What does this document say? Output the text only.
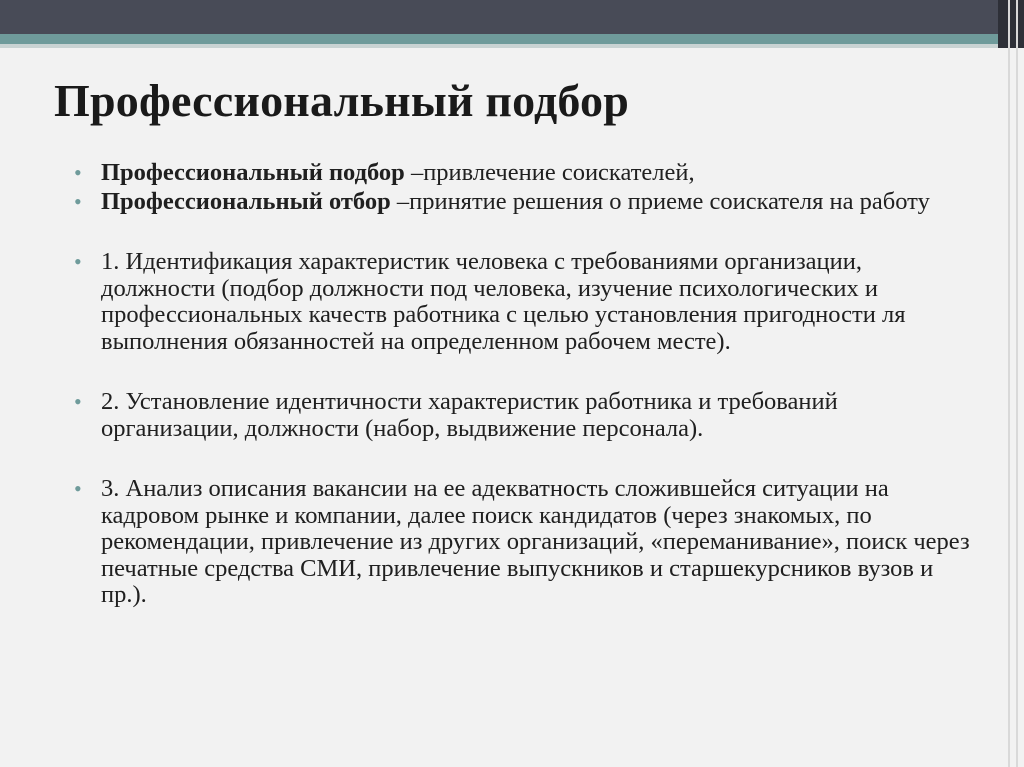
Профессиональный подбор

• Профессиональный подбор –привлечение соискателей,

• Профессиональный отбор –принятие решения о приеме соискателя на работу

• 1. Идентификация характеристик человека с требованиями организации, должности (подбор должности под человека, изучение психологических и профессиональных качеств работника с целью установления пригодности ля выполнения обязанностей на определенном рабочем месте).

• 2. Установление идентичности характеристик работника и требований организации, должности (набор, выдвижение персонала).

• 3. Анализ описания вакансии на ее адекватность сложившейся ситуации на кадровом рынке и компании, далее поиск кандидатов (через знакомых, по рекомендации, привлечение из других организаций, «переманивание», поиск через печатные средства СМИ, привлечение выпускников и старшекурсников вузов и пр.).
